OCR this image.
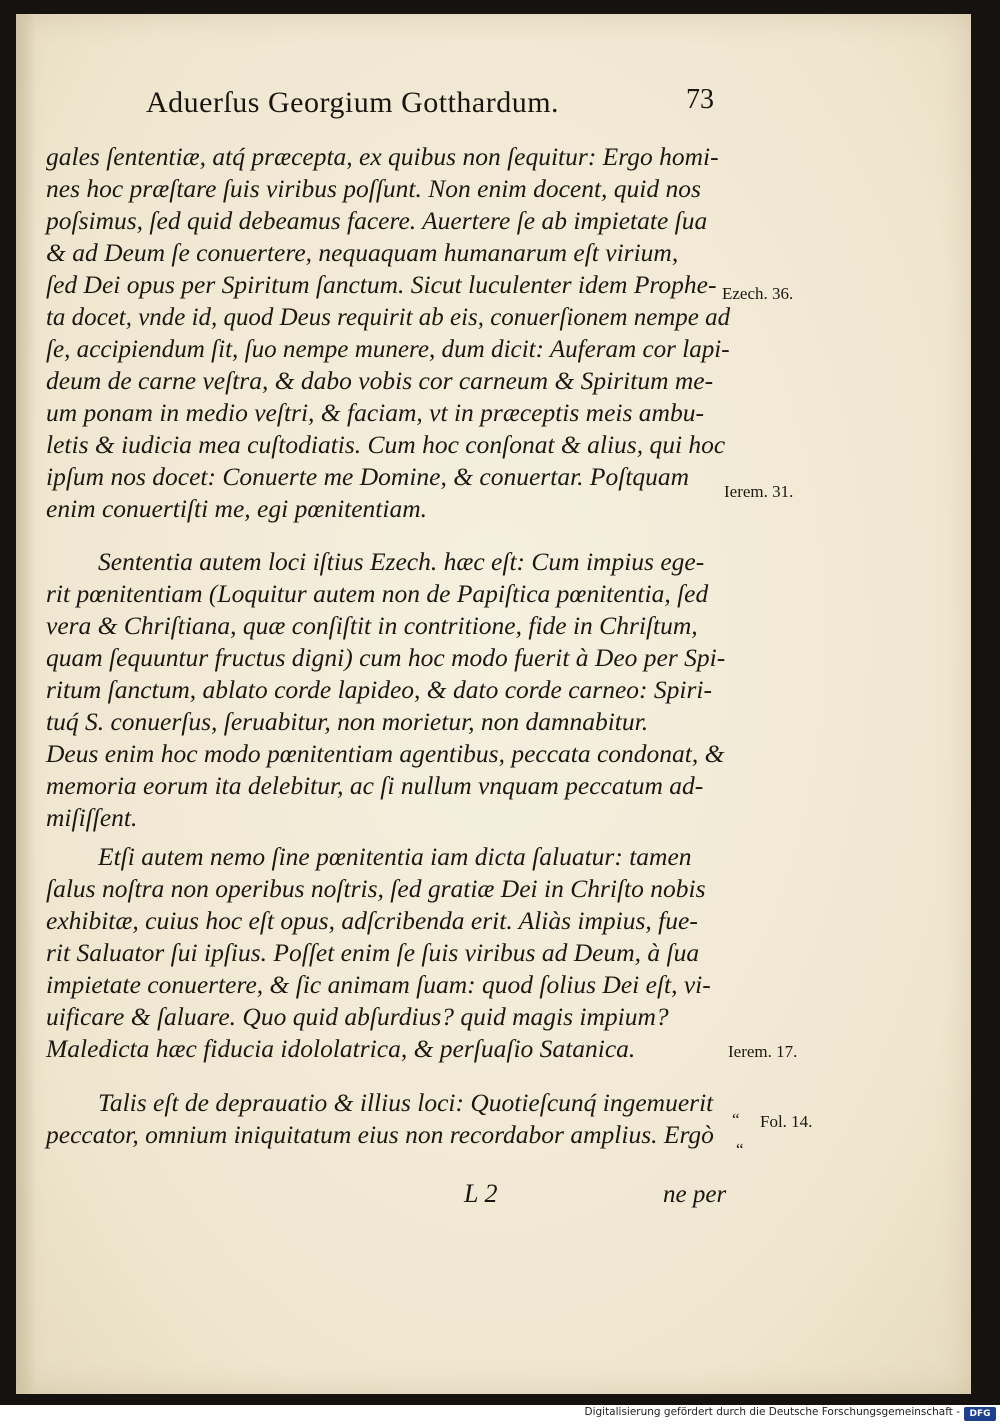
Aduerſus Georgium Gotthardum.	73
gales ſententiæ, atq́ præcepta, ex quibus non ſequitur: Ergo homi-
nes hoc præſtare ſuis viribus poſſunt. Non enim docent, quid nos
poſsimus, ſed quid debeamus facere. Auertere ſe ab impietate ſua
& ad Deum ſe conuertere, nequaquam humanarum eſt virium,
ſed Dei opus per Spiritum ſanctum. Sicut luculenter idem Prophe-
ta docet, vnde id, quod Deus requirit ab eis, conuerſionem nempe ad
ſe, accipiendum ſit, ſuo nempe munere, dum dicit: Auferam cor lapi-
deum de carne veſtra, & dabo vobis cor carneum & Spiritum me-
um ponam in medio veſtri, & faciam, vt in præceptis meis ambu-
letis & iudicia mea cuſtodiatis. Cum hoc conſonat & alius, qui hoc
ipſum nos docet: Conuerte me Domine, & conuertar. Poſtquam
enim conuertiſti me, egi pœnitentiam.
Sententia autem loci iſtius Ezech. hæc eſt: Cum impius ege-
rit pœnitentiam (Loquitur autem non de Papiſtica pœnitentia, ſed
vera & Chriſtiana, quæ conſiſtit in contritione, fide in Chriſtum,
quam ſequuntur fructus digni) cum hoc modo fuerit à Deo per Spi-
ritum ſanctum, ablato corde lapideo, & dato corde carneo: Spiri-
tuq́ S. conuerſus, ſeruabitur, non morietur, non damnabitur.
Deus enim hoc modo pœnitentiam agentibus, peccata condonat, &
memoria eorum ita delebitur, ac ſi nullum vnquam peccatum ad-
miſiſſent.
Etſi autem nemo ſine pœnitentia iam dicta ſaluatur: tamen
ſalus noſtra non operibus noſtris, ſed gratiæ Dei in Chriſto nobis
exhibitæ, cuius hoc eſt opus, adſcribenda erit. Aliàs impius, fue-
rit Saluator ſui ipſius. Poſſet enim ſe ſuis viribus ad Deum, à ſua
impietate conuertere, & ſic animam ſuam: quod ſolius Dei eſt, vi-
uificare & ſaluare. Quo quid abſurdius? quid magis impium?
Maledicta hæc fiducia idololatrica, & perſuaſio Satanica.
Talis eſt de deprauatio & illius loci: Quotieſcunq́ ingemuerit
peccator, omnium iniquitatum eius non recordabor amplius. Ergò
Ezech. 36.
Ierem. 31.
Ierem. 17.
“ Fol. 14.
“
L 2	ne per
Digitalisierung gefördert durch die Deutsche Forschungsgemeinschaft -	DFG
